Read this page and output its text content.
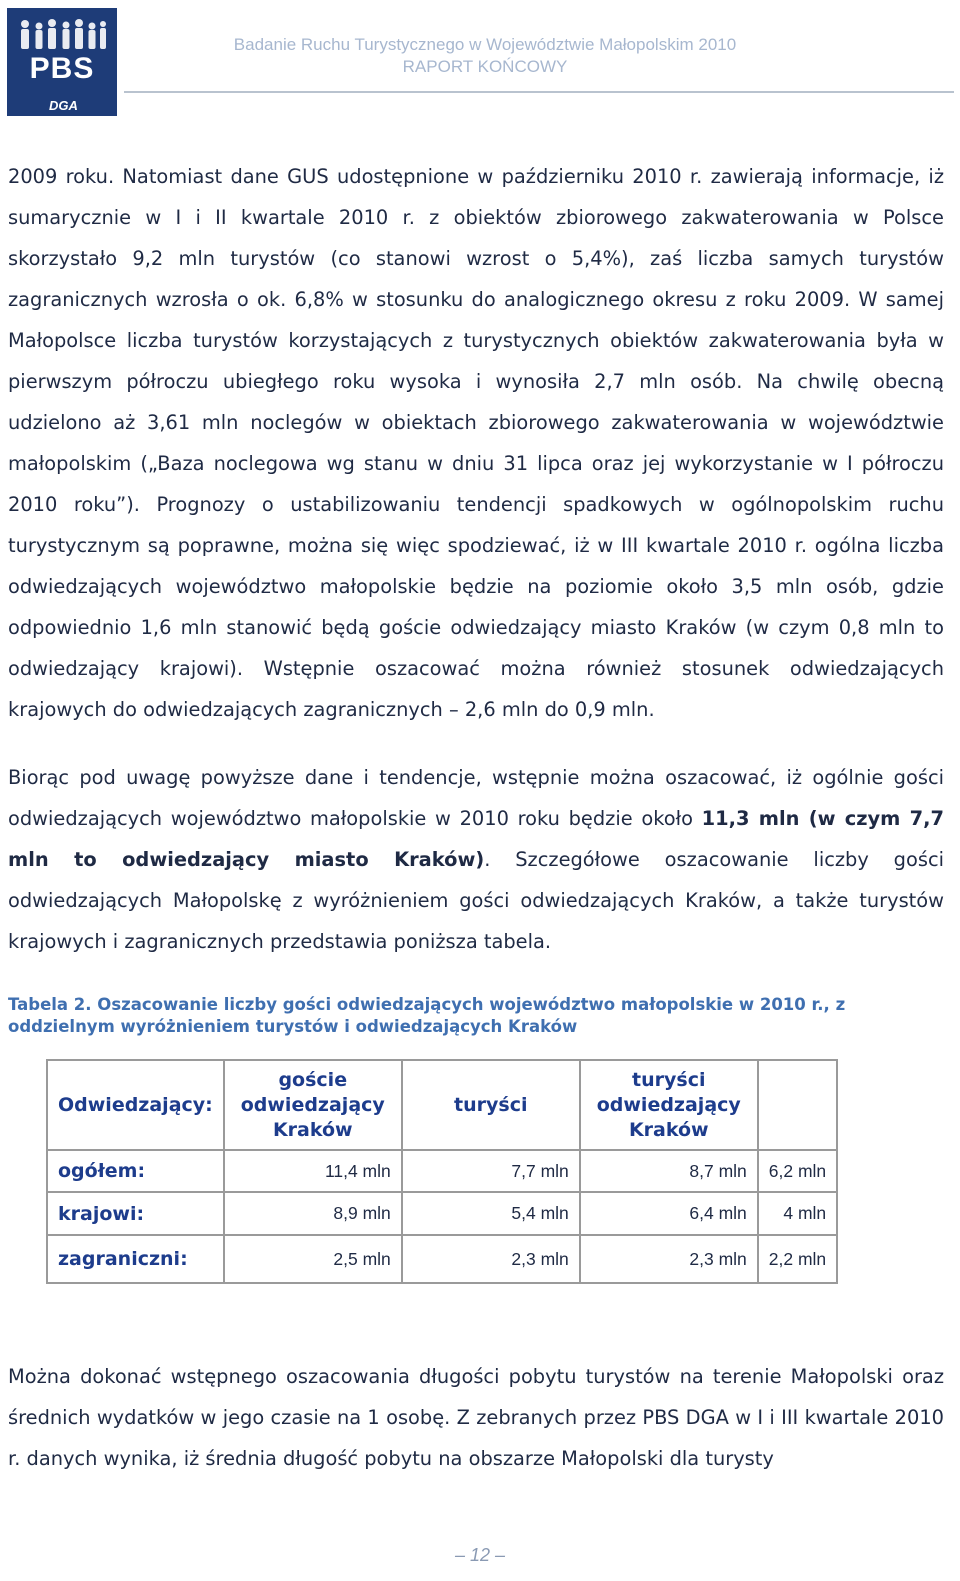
PBS
DGA
Badanie Ruchu Turystycznego w Województwie Małopolskim 2010
RAPORT KOŃCOWY

2009 roku. Natomiast dane GUS udostępnione w październiku 2010 r. zawierają informacje, iż sumarycznie w I i II kwartale 2010 r. z obiektów zbiorowego zakwaterowania w Polsce skorzystało 9,2 mln turystów (co stanowi wzrost o 5,4%), zaś liczba samych turystów zagranicznych wzrosła o ok. 6,8% w stosunku do analogicznego okresu z roku 2009. W samej Małopolsce liczba turystów korzystających z turystycznych obiektów zakwaterowania była w pierwszym półroczu ubiegłego roku wysoka i wynosiła 2,7 mln osób. Na chwilę obecną udzielono aż 3,61 mln noclegów w obiektach zbiorowego zakwaterowania w województwie małopolskim („Baza noclegowa wg stanu w dniu 31 lipca oraz jej wykorzystanie w I półroczu 2010 roku”). Prognozy o ustabilizowaniu tendencji spadkowych w ogólnopolskim ruchu turystycznym są poprawne, można się więc spodziewać, iż w III kwartale 2010 r. ogólna liczba odwiedzających województwo małopolskie będzie na poziomie około 3,5 mln osób, gdzie odpowiednio 1,6 mln stanowić będą goście odwiedzający miasto Kraków (w czym 0,8 mln to odwiedzający krajowi). Wstępnie oszacować można również stosunek odwiedzających krajowych do odwiedzających zagranicznych – 2,6 mln do 0,9 mln.

Biorąc pod uwagę powyższe dane i tendencje, wstępnie można oszacować, iż ogólnie gości odwiedzających województwo małopolskie w 2010 roku będzie około 11,3 mln (w czym 7,7 mln to odwiedzający miasto Kraków). Szczegółowe oszacowanie liczby gości odwiedzających Małopolskę z wyróżnieniem gości odwiedzających Kraków, a także turystów krajowych i zagranicznych przedstawia poniższa tabela.

Tabela 2. Oszacowanie liczby gości odwiedzających województwo małopolskie w 2010 r., z oddzielnym wyróżnieniem turystów i odwiedzających Kraków

Odwiedzający:	goście odwiedzający Kraków	turyści	turyści odwiedzający Kraków	
ogółem:	11,4 mln	7,7 mln	8,7 mln	6,2 mln
krajowi:	8,9 mln	5,4 mln	6,4 mln	4 mln
zagraniczni:	2,5 mln	2,3 mln	2,3 mln	2,2 mln

Można dokonać wstępnego oszacowania długości pobytu turystów na terenie Małopolski oraz średnich wydatków w jego czasie na 1 osobę. Z zebranych przez PBS DGA w I i III kwartale 2010 r. danych wynika, iż średnia długość pobytu na obszarze Małopolski dla turysty

– 12 –
